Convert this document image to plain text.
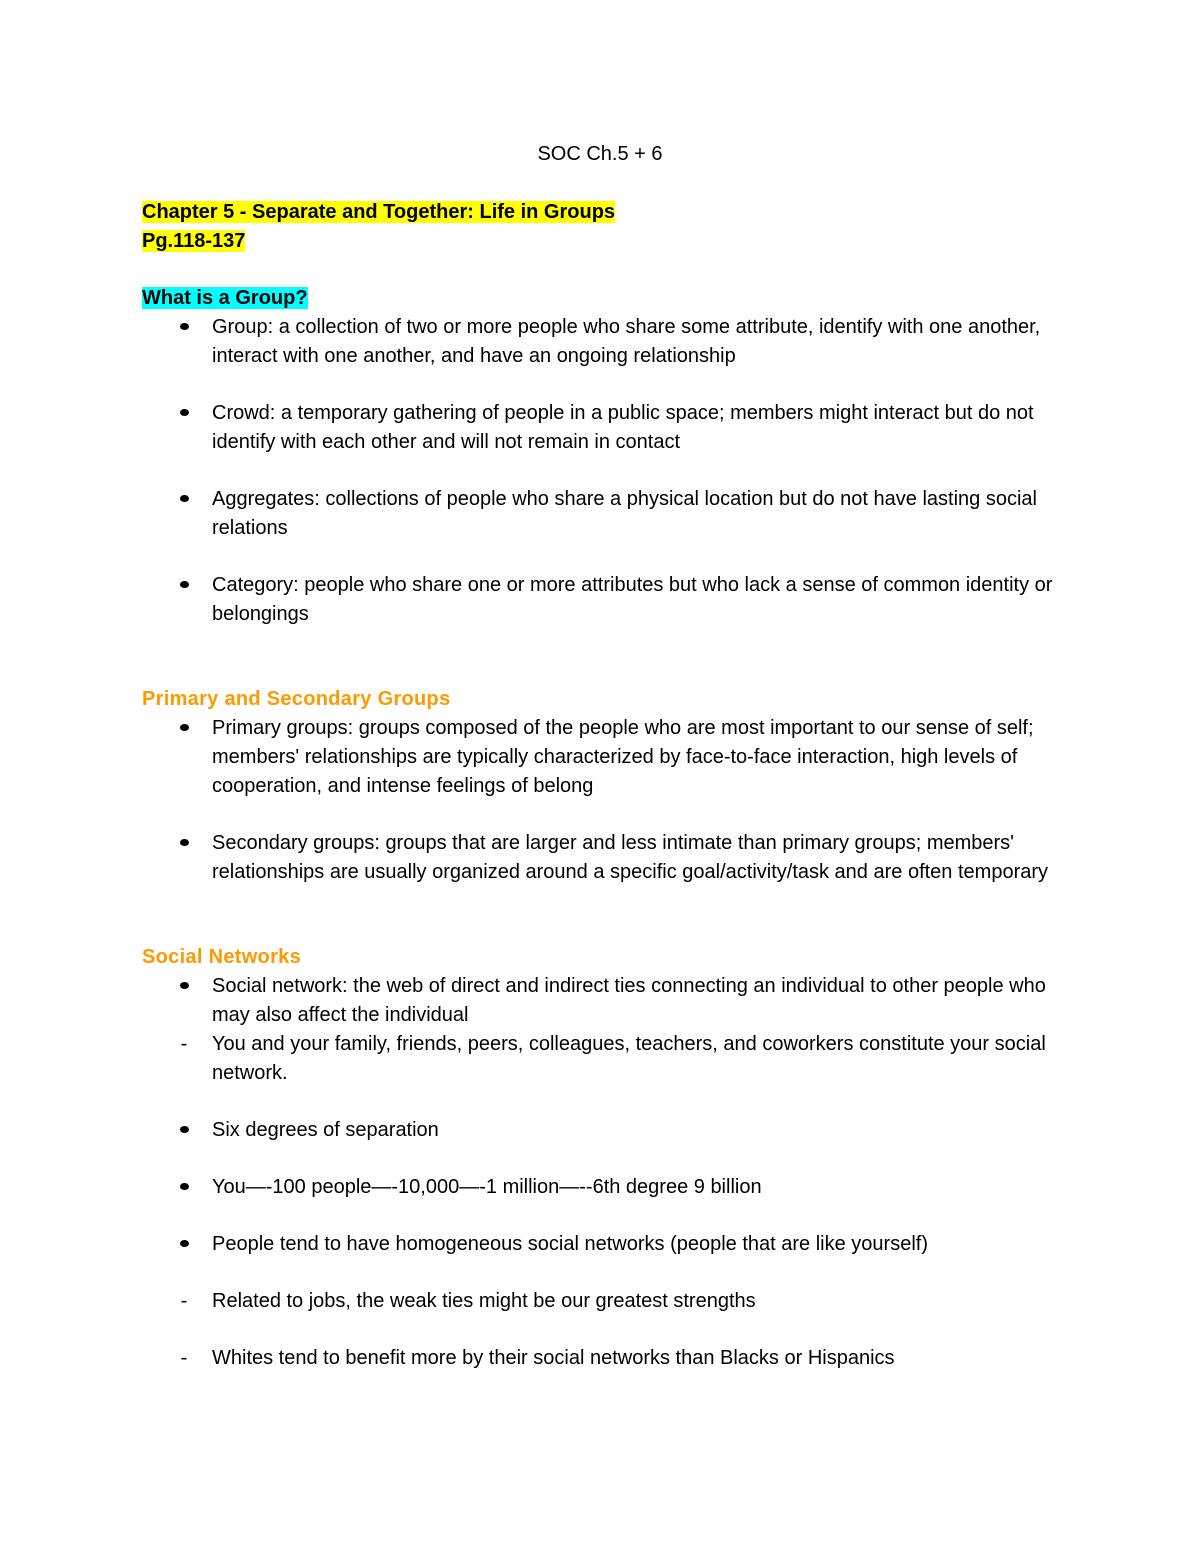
SOC Ch.5 + 6
Chapter 5 - Separate and Together: Life in Groups
Pg.118-137
What is a Group?
Group: a collection of two or more people who share some attribute, identify with one another, interact with one another, and have an ongoing relationship
Crowd: a temporary gathering of people in a public space; members might interact but do not identify with each other and will not remain in contact
Aggregates: collections of people who share a physical location but do not have lasting social relations
Category: people who share one or more attributes but who lack a sense of common identity or belongings
Primary and Secondary Groups
Primary groups: groups composed of the people who are most important to our sense of self; members' relationships are typically characterized by face-to-face interaction, high levels of cooperation, and intense feelings of belong
Secondary groups: groups that are larger and less intimate than primary groups; members' relationships are usually organized around a specific goal/activity/task and are often temporary
Social Networks
Social network: the web of direct and indirect ties connecting an individual to other people who may also affect the individual
-	You and your family, friends, peers, colleagues, teachers, and coworkers constitute your social network.
Six degrees of separation
You—-100 people—-10,000—-1 million—--6th degree 9 billion
People tend to have homogeneous social networks (people that are like yourself)
-	Related to jobs, the weak ties might be our greatest strengths
-	Whites tend to benefit more by their social networks than Blacks or Hispanics
